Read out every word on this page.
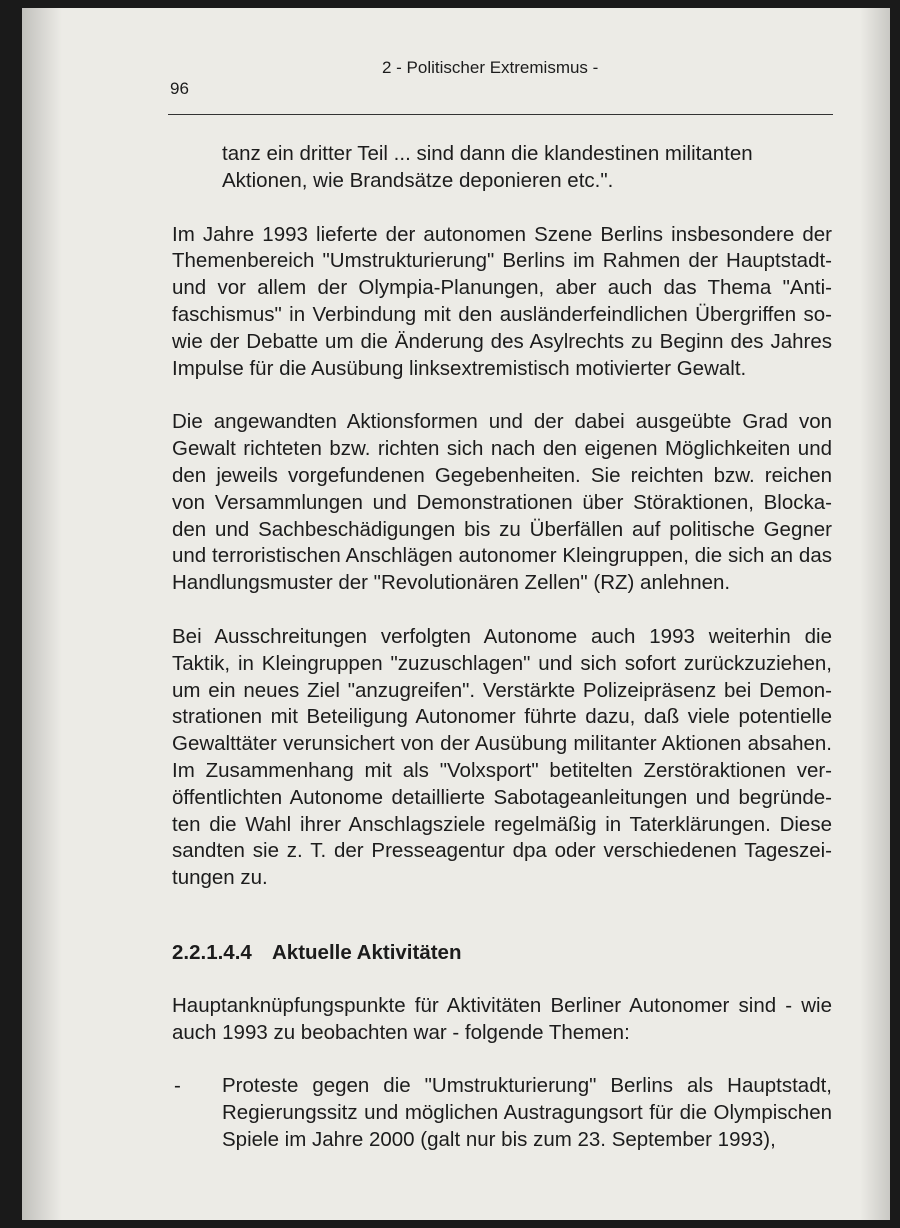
2 - Politischer Extremismus -
96

tanz ein dritter Teil ... sind dann die klandestinen militanten Aktionen, wie Brandsätze deponieren etc.".

Im Jahre 1993 lieferte der autonomen Szene Berlins insbesondere der Themenbereich "Umstrukturierung" Berlins im Rahmen der Hauptstadt- und vor allem der Olympia-Planungen, aber auch das Thema "Antifaschismus" in Verbindung mit den ausländerfeindlichen Übergriffen sowie der Debatte um die Änderung des Asylrechts zu Beginn des Jahres Impulse für die Ausübung linksextremistisch motivierter Gewalt.

Die angewandten Aktionsformen und der dabei ausgeübte Grad von Gewalt richteten bzw. richten sich nach den eigenen Möglichkeiten und den jeweils vorgefundenen Gegebenheiten. Sie reichten bzw. reichen von Versammlungen und Demonstrationen über Störaktionen, Blockaden und Sachbeschädigungen bis zu Überfällen auf politische Gegner und terroristischen Anschlägen autonomer Kleingruppen, die sich an das Handlungsmuster der "Revolutionären Zellen" (RZ) anlehnen.

Bei Ausschreitungen verfolgten Autonome auch 1993 weiterhin die Taktik, in Kleingruppen "zuzuschlagen" und sich sofort zurückzuziehen, um ein neues Ziel "anzugreifen". Verstärkte Polizeipräsenz bei Demonstrationen mit Beteiligung Autonomer führte dazu, daß viele potentielle Gewalttäter verunsichert von der Ausübung militanter Aktionen absahen. Im Zusammenhang mit als "Volxsport" betitelten Zerstöraktionen veröffentlichten Autonome detaillierte Sabotageanleitungen und begründeten die Wahl ihrer Anschlagsziele regelmäßig in Taterklärungen. Diese sandten sie z. T. der Presseagentur dpa oder verschiedenen Tageszeitungen zu.

2.2.1.4.4 Aktuelle Aktivitäten

Hauptanknüpfungspunkte für Aktivitäten Berliner Autonomer sind - wie auch 1993 zu beobachten war - folgende Themen:

- Proteste gegen die "Umstrukturierung" Berlins als Hauptstadt, Regierungssitz und möglichen Austragungsort für die Olympischen Spiele im Jahre 2000 (galt nur bis zum 23. September 1993),
